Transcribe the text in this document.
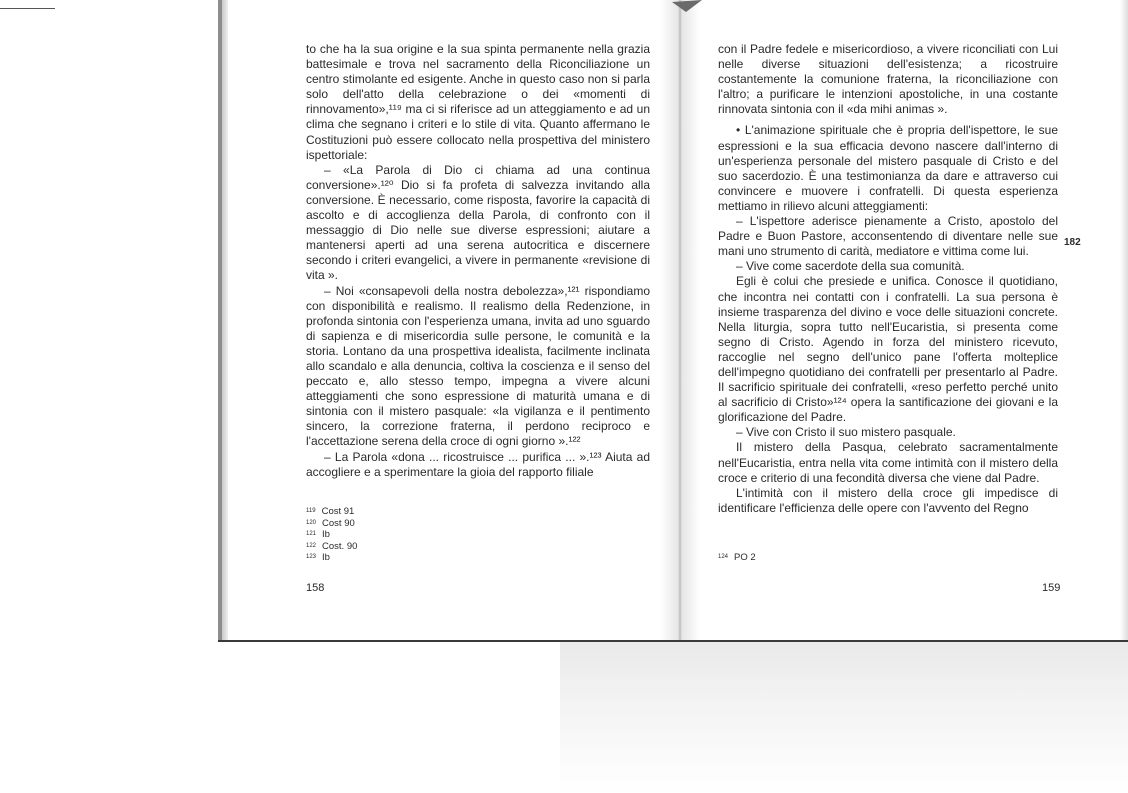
to che ha la sua origine e la sua spinta permanente nella grazia battesimale e trova nel sacramento della Riconciliazione un centro stimolante ed esigente. Anche in questo caso non si parla solo dell'atto della celebrazione o dei «momenti di rinnovamento»,¹¹⁹ ma ci si riferisce ad un atteggiamento e ad un clima che segnano i criteri e lo stile di vita. Quanto affermano le Costituzioni può essere collocato nella prospettiva del ministero ispettoriale:

– «La Parola di Dio ci chiama ad una continua conversione».¹²⁰ Dio si fa profeta di salvezza invitando alla conversione. È necessario, come risposta, favorire la capacità di ascolto e di accoglienza della Parola, di confronto con il messaggio di Dio nelle sue diverse espressioni; aiutare a mantenersi aperti ad una serena autocritica e discernere secondo i criteri evangelici, a vivere in permanente «revisione di vita ».

– Noi «consapevoli della nostra debolezza»,¹²¹ rispondiamo con disponibilità e realismo. Il realismo della Redenzione, in profonda sintonia con l'esperienza umana, invita ad uno sguardo di sapienza e di misericordia sulle persone, le comunità e la storia. Lontano da una prospettiva idealista, facilmente inclinata allo scandalo e alla denuncia, coltiva la coscienza e il senso del peccato e, allo stesso tempo, impegna a vivere alcuni atteggiamenti che sono espressione di maturità umana e di sintonia con il mistero pasquale: «la vigilanza e il pentimento sincero, la correzione fraterna, il perdono reciproco e l'accettazione serena della croce di ogni giorno ».¹²²

– La Parola «dona ... ricostruisce ... purifica ... ».¹²³ Aiuta ad accogliere e a sperimentare la gioia del rapporto filiale

$^{119}$ Cost 91
$^{120}$ Cost 90
$^{121}$ Ib
$^{122}$ Cost. 90
$^{123}$ Ib
158

con il Padre fedele e misericordioso, a vivere riconciliati con Lui nelle diverse situazioni dell'esistenza; a ricostruire costantemente la comunione fraterna, la riconciliazione con l'altro; a purificare le intenzioni apostoliche, in una costante rinnovata sintonia con il «da mihi animas ».

• L'animazione spirituale che è propria dell'ispettore, le sue espressioni e la sua efficacia devono nascere dall'interno di un'esperienza personale del mistero pasquale di Cristo e del suo sacerdozio. È una testimonianza da dare e attraverso cui convincere e muovere i confratelli. Di questa esperienza mettiamo in rilievo alcuni atteggiamenti:

– L'ispettore aderisce pienamente a Cristo, apostolo del Padre e Buon Pastore, acconsentendo di diventare nelle sue mani uno strumento di carità, mediatore e vittima come lui.

– Vive come sacerdote della sua comunità.

Egli è colui che presiede e unifica. Conosce il quotidiano, che incontra nei contatti con i confratelli. La sua persona è insieme trasparenza del divino e voce delle situazioni concrete. Nella liturgia, sopra tutto nell'Eucaristia, si presenta come segno di Cristo. Agendo in forza del ministero ricevuto, raccoglie nel segno dell'unico pane l'offerta molteplice dell'impegno quotidiano dei confratelli per presentarlo al Padre. Il sacrificio spirituale dei confratelli, «reso perfetto perché unito al sacrificio di Cristo»¹²⁴ opera la santificazione dei giovani e la glorificazione del Padre.

– Vive con Cristo il suo mistero pasquale.

Il mistero della Pasqua, celebrato sacramentalmente nell'Eucaristia, entra nella vita come intimità con il mistero della croce e criterio di una fecondità diversa che viene dal Padre.

L'intimità con il mistero della croce gli impedisce di identificare l'efficienza delle opere con l'avvento del Regno

182
$^{124}$ PO 2
159
